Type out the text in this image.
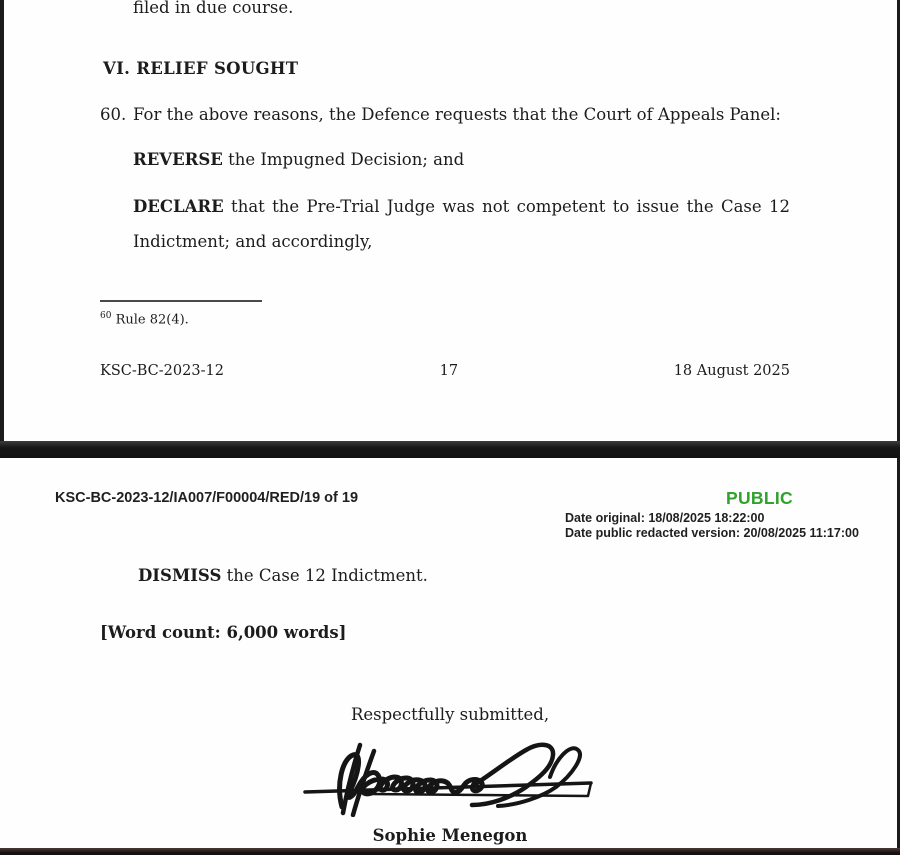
filed in due course.
VI. RELIEF SOUGHT
60. For the above reasons, the Defence requests that the Court of Appeals Panel:
REVERSE the Impugned Decision; and
DECLARE that the Pre-Trial Judge was not competent to issue the Case 12
Indictment; and accordingly,
$^{60}$ Rule 82(4).
KSC-BC-2023-12	17	18 August 2025
KSC-BC-2023-12/IA007/F00004/RED/19 of 19	PUBLIC
Date original: 18/08/2025 18:22:00
Date public redacted version: 20/08/2025 11:17:00
DISMISS the Case 12 Indictment.
[Word count: 6,000 words]
Respectfully submitted,
Sophie Menegon
